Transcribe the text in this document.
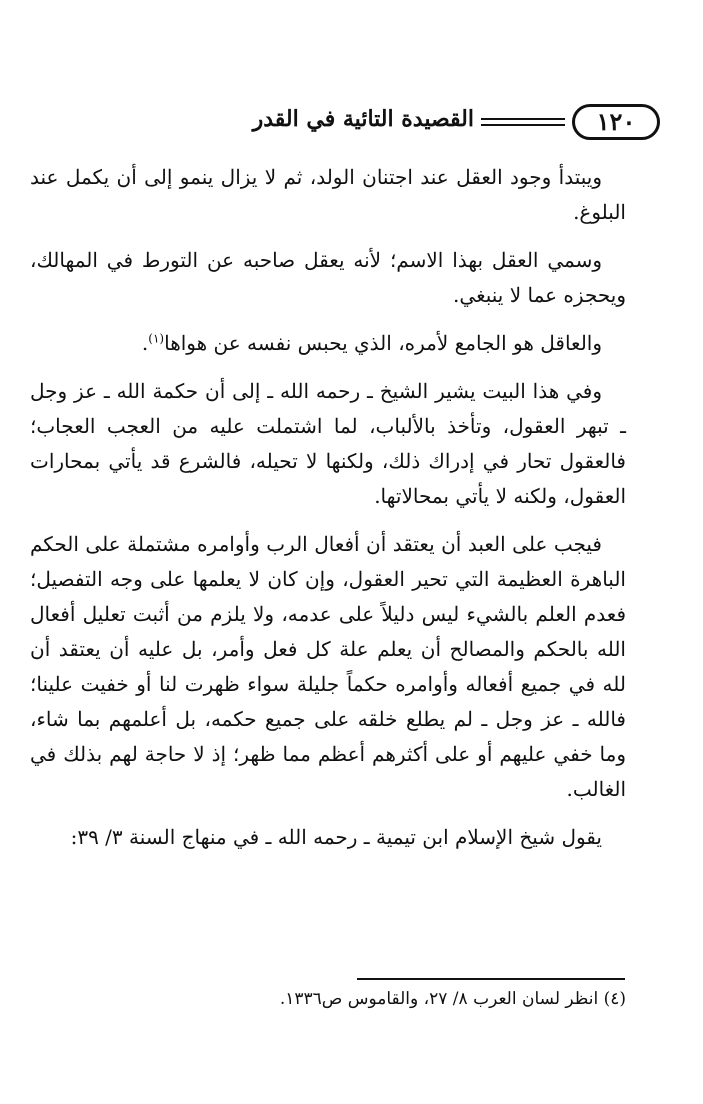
١٢٠
القصيدة التائية في القدر

ويبتدأ وجود العقل عند اجتنان الولد، ثم لا يزال ينمو إلى أن يكمل عند البلوغ.

وسمي العقل بهذا الاسم؛ لأنه يعقل صاحبه عن التورط في المهالك، ويحجزه عما لا ينبغي.

والعاقل هو الجامع لأمره، الذي يحبس نفسه عن هواها$^{(١)}$.

وفي هذا البيت يشير الشيخ ـ رحمه الله ـ إلى أن حكمة الله ـ عز وجل ـ تبهر العقول، وتأخذ بالألباب، لما اشتملت عليه من العجب العجاب؛ فالعقول تحار في إدراك ذلك، ولكنها لا تحيله، فالشرع قد يأتي بمحارات العقول، ولكنه لا يأتي بمحالاتها.

فيجب على العبد أن يعتقد أن أفعال الرب وأوامره مشتملة على الحكم الباهرة العظيمة التي تحير العقول، وإن كان لا يعلمها على وجه التفصيل؛ فعدم العلم بالشيء ليس دليلاً على عدمه، ولا يلزم من أثبت تعليل أفعال الله بالحكم والمصالح أن يعلم علة كل فعل وأمر، بل عليه أن يعتقد أن لله في جميع أفعاله وأوامره حكماً جليلة سواء ظهرت لنا أو خفيت علينا؛ فالله ـ عز وجل ـ لم يطلع خلقه على جميع حكمه، بل أعلمهم بما شاء، وما خفي عليهم أو على أكثرهم أعظم مما ظهر؛ إذ لا حاجة لهم بذلك في الغالب.

يقول شيخ الإسلام ابن تيمية ـ رحمه الله ـ في منهاج السنة ٣/ ٣٩:

(٤) انظر لسان العرب ٨/ ٢٧، والقاموس ص١٣٣٦.
